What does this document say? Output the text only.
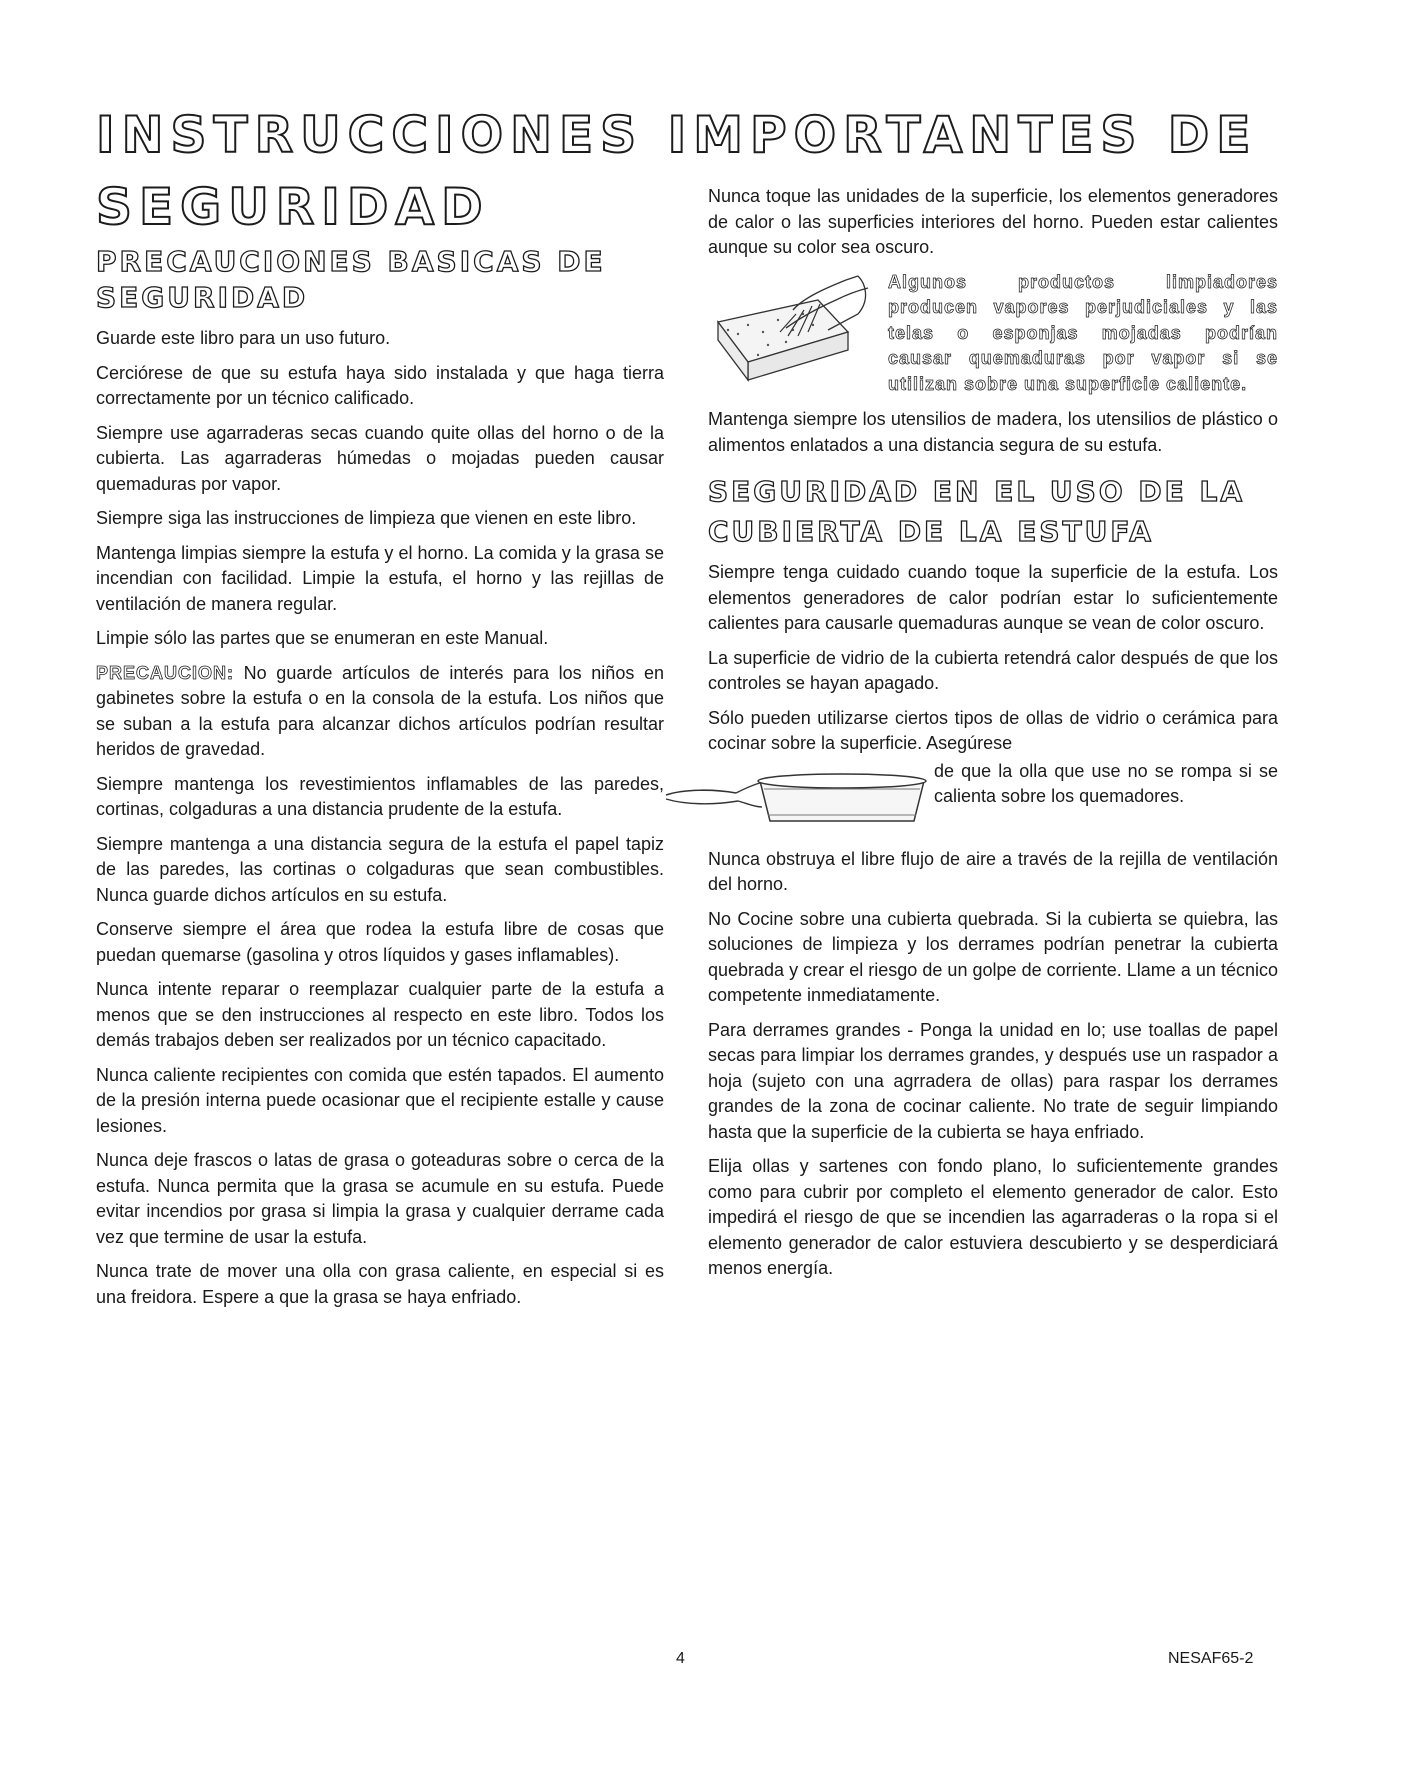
INSTRUCCIONES IMPORTANTES DE
SEGURIDAD
PRECAUCIONES BASICAS DE SEGURIDAD

Guarde este libro para un uso futuro.

Cerciórese de que su estufa haya sido instalada y que haga tierra correctamente por un técnico calificado.

Siempre use agarraderas secas cuando quite ollas del horno o de la cubierta. Las agarraderas húmedas o mojadas pueden causar quemaduras por vapor.

Siempre siga las instrucciones de limpieza que vienen en este libro.

Mantenga limpias siempre la estufa y el horno. La comida y la grasa se incendian con facilidad. Limpie la estufa, el horno y las rejillas de ventilación de manera regular.

Limpie sólo las partes que se enumeran en este Manual.

PRECAUCION: No guarde artículos de interés para los niños en gabinetes sobre la estufa o en la consola de la estufa. Los niños que se suban a la estufa para alcanzar dichos artículos podrían resultar heridos de gravedad.

Siempre mantenga los revestimientos inflamables de las paredes, cortinas, colgaduras a una distancia prudente de la estufa.

Siempre mantenga a una distancia segura de la estufa el papel tapiz de las paredes, las cortinas o colgaduras que sean combustibles. Nunca guarde dichos artículos en su estufa.

Conserve siempre el área que rodea la estufa libre de cosas que puedan quemarse (gasolina y otros líquidos y gases inflamables).

Nunca intente reparar o reemplazar cualquier parte de la estufa a menos que se den instrucciones al respecto en este libro. Todos los demás trabajos deben ser realizados por un técnico capacitado.

Nunca caliente recipientes con comida que estén tapados. El aumento de la presión interna puede ocasionar que el recipiente estalle y cause lesiones.

Nunca deje frascos o latas de grasa o goteaduras sobre o cerca de la estufa. Nunca permita que la grasa se acumule en su estufa. Puede evitar incendios por grasa si limpia la grasa y cualquier derrame cada vez que termine de usar la estufa.

Nunca trate de mover una olla con grasa caliente, en especial si es una freidora. Espere a que la grasa se haya enfriado.

Nunca toque las unidades de la superficie, los elementos generadores de calor o las superficies interiores del horno. Pueden estar calientes aunque su color sea oscuro.

Algunos productos limpiadores producen vapores perjudiciales y las telas o esponjas mojadas podrían causar quemaduras por vapor si se utilizan sobre una superficie caliente.

Mantenga siempre los utensilios de madera, los utensilios de plástico o alimentos enlatados a una distancia segura de su estufa.

SEGURIDAD EN EL USO DE LA CUBIERTA DE LA ESTUFA

Siempre tenga cuidado cuando toque la superficie de la estufa. Los elementos generadores de calor podrían estar lo suficientemente calientes para causarle quemaduras aunque se vean de color oscuro.

La superficie de vidrio de la cubierta retendrá calor después de que los controles se hayan apagado.

Sólo pueden utilizarse ciertos tipos de ollas de vidrio o cerámica para cocinar sobre la superficie. Asegúrese

de que la olla que use no se rompa si se calienta sobre los quemadores.

Nunca obstruya el libre flujo de aire a través de la rejilla de ventilación del horno.

No Cocine sobre una cubierta quebrada. Si la cubierta se quiebra, las soluciones de limpieza y los derrames podrían penetrar la cubierta quebrada y crear el riesgo de un golpe de corriente. Llame a un técnico competente inmediatamente.

Para derrames grandes - Ponga la unidad en lo; use toallas de papel secas para limpiar los derrames grandes, y después use un raspador a hoja (sujeto con una agrradera de ollas) para raspar los derrames grandes de la zona de cocinar caliente. No trate de seguir limpiando hasta que la superficie de la cubierta se haya enfriado.

Elija ollas y sartenes con fondo plano, lo suficientemente grandes como para cubrir por completo el elemento generador de calor. Esto impedirá el riesgo de que se incendien las agarraderas o la ropa si el elemento generador de calor estuviera descubierto y se desperdiciará menos energía.

4	NESAF65-2
